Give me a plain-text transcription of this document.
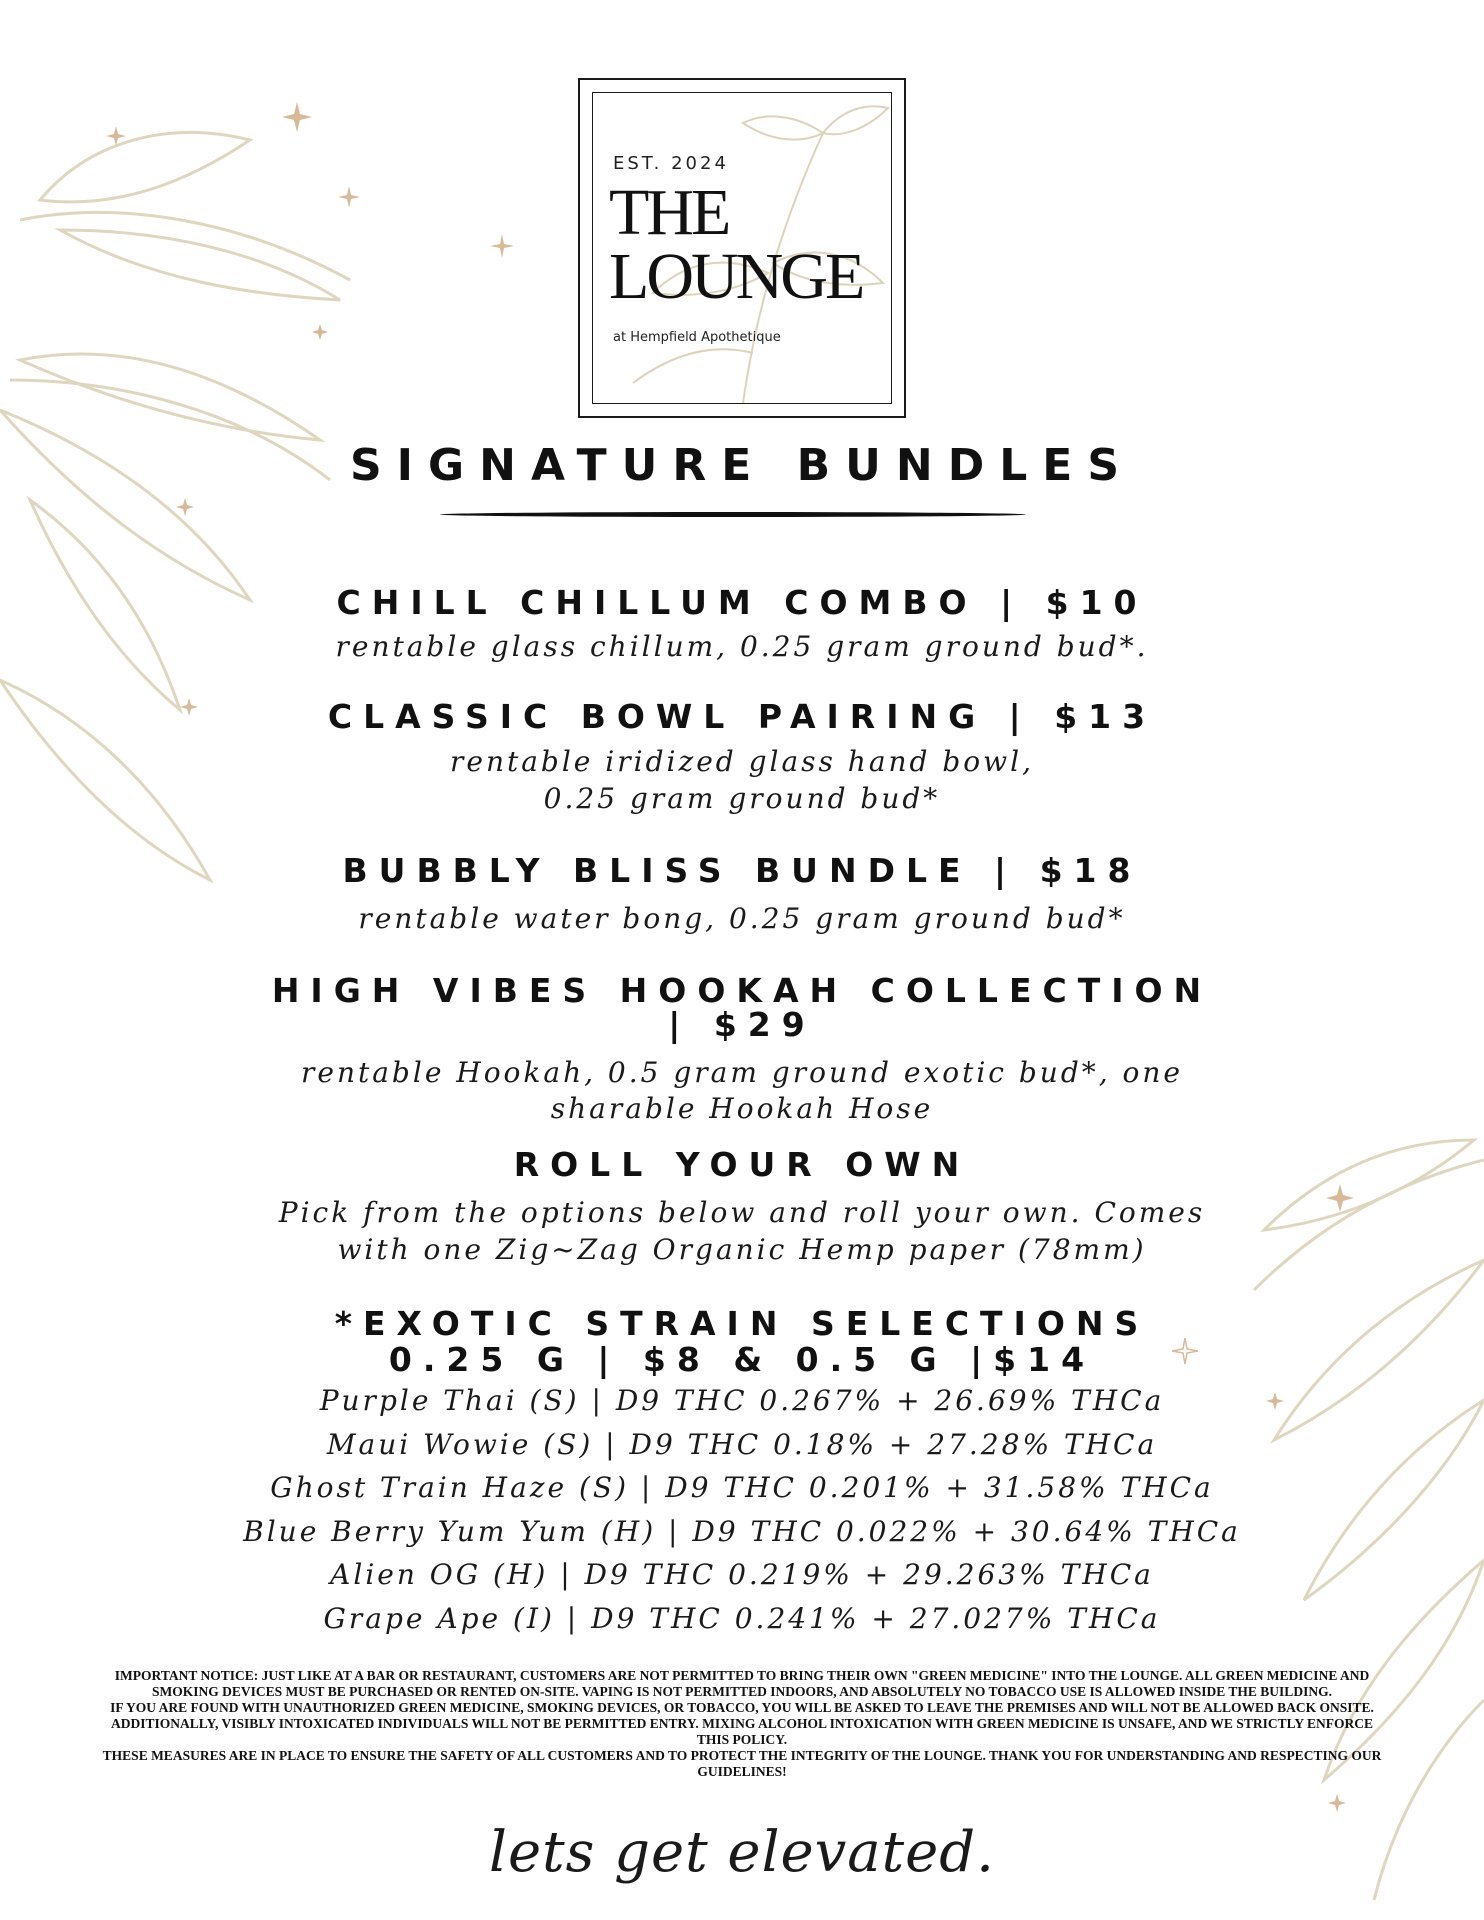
EST. 2024
THE
LOUNGE
at Hempfield Apothetique
SIGNATURE BUNDLES
CHILL CHILLUM COMBO | $10
rentable glass chillum, 0.25 gram ground bud*.
CLASSIC BOWL PAIRING | $13
rentable iridized glass hand bowl,
0.25 gram ground bud*
BUBBLY BLISS BUNDLE | $18
rentable water bong, 0.25 gram ground bud*
HIGH VIBES HOOKAH COLLECTION
| $29
rentable Hookah, 0.5 gram ground exotic bud*, one
sharable Hookah Hose
ROLL YOUR OWN
Pick from the options below and roll your own. Comes
with one Zig~Zag Organic Hemp paper (78mm)
*EXOTIC STRAIN SELECTIONS
0.25 G | $8 & 0.5 G |$14
Purple Thai (S) | D9 THC 0.267% + 26.69% THCa
Maui Wowie (S) | D9 THC 0.18% + 27.28% THCa
Ghost Train Haze (S) | D9 THC 0.201% + 31.58% THCa
Blue Berry Yum Yum (H) | D9 THC 0.022% + 30.64% THCa
Alien OG (H) | D9 THC 0.219% + 29.263% THCa
Grape Ape (I) | D9 THC 0.241% + 27.027% THCa

IMPORTANT NOTICE: JUST LIKE AT A BAR OR RESTAURANT, CUSTOMERS ARE NOT PERMITTED TO BRING THEIR OWN "GREEN MEDICINE" INTO THE LOUNGE. ALL GREEN MEDICINE AND SMOKING DEVICES MUST BE PURCHASED OR RENTED ON-SITE. VAPING IS NOT PERMITTED INDOORS, AND ABSOLUTELY NO TOBACCO USE IS ALLOWED INSIDE THE BUILDING.

IF YOU ARE FOUND WITH UNAUTHORIZED GREEN MEDICINE, SMOKING DEVICES, OR TOBACCO, YOU WILL BE ASKED TO LEAVE THE PREMISES AND WILL NOT BE ALLOWED BACK ONSITE. ADDITIONALLY, VISIBLY INTOXICATED INDIVIDUALS WILL NOT BE PERMITTED ENTRY. MIXING ALCOHOL INTOXICATION WITH GREEN MEDICINE IS UNSAFE, AND WE STRICTLY ENFORCE THIS POLICY.

THESE MEASURES ARE IN PLACE TO ENSURE THE SAFETY OF ALL CUSTOMERS AND TO PROTECT THE INTEGRITY OF THE LOUNGE. THANK YOU FOR UNDERSTANDING AND RESPECTING OUR GUIDELINES!

lets get elevated.
